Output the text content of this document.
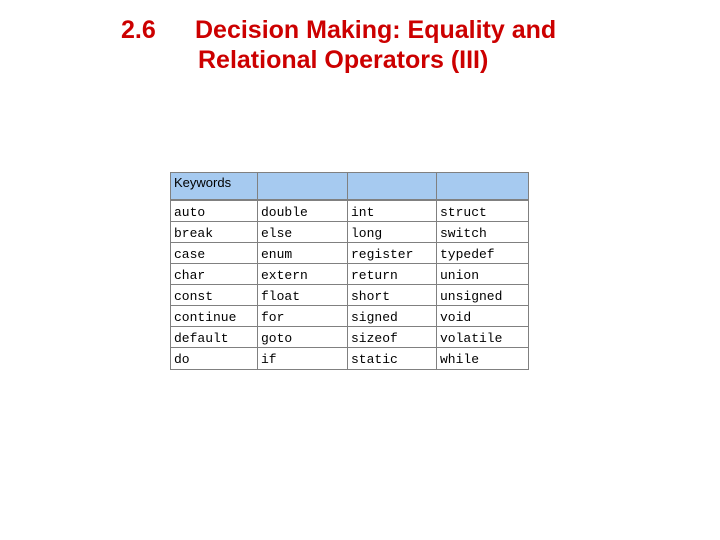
2.6 Decision Making: Equality and
Relational Operators (III)
Keywords			
auto	double	int	struct
break	else	long	switch
case	enum	register	typedef
char	extern	return	union
const	float	short	unsigned
continue	for	signed	void
default	goto	sizeof	volatile
do	if	static	while
